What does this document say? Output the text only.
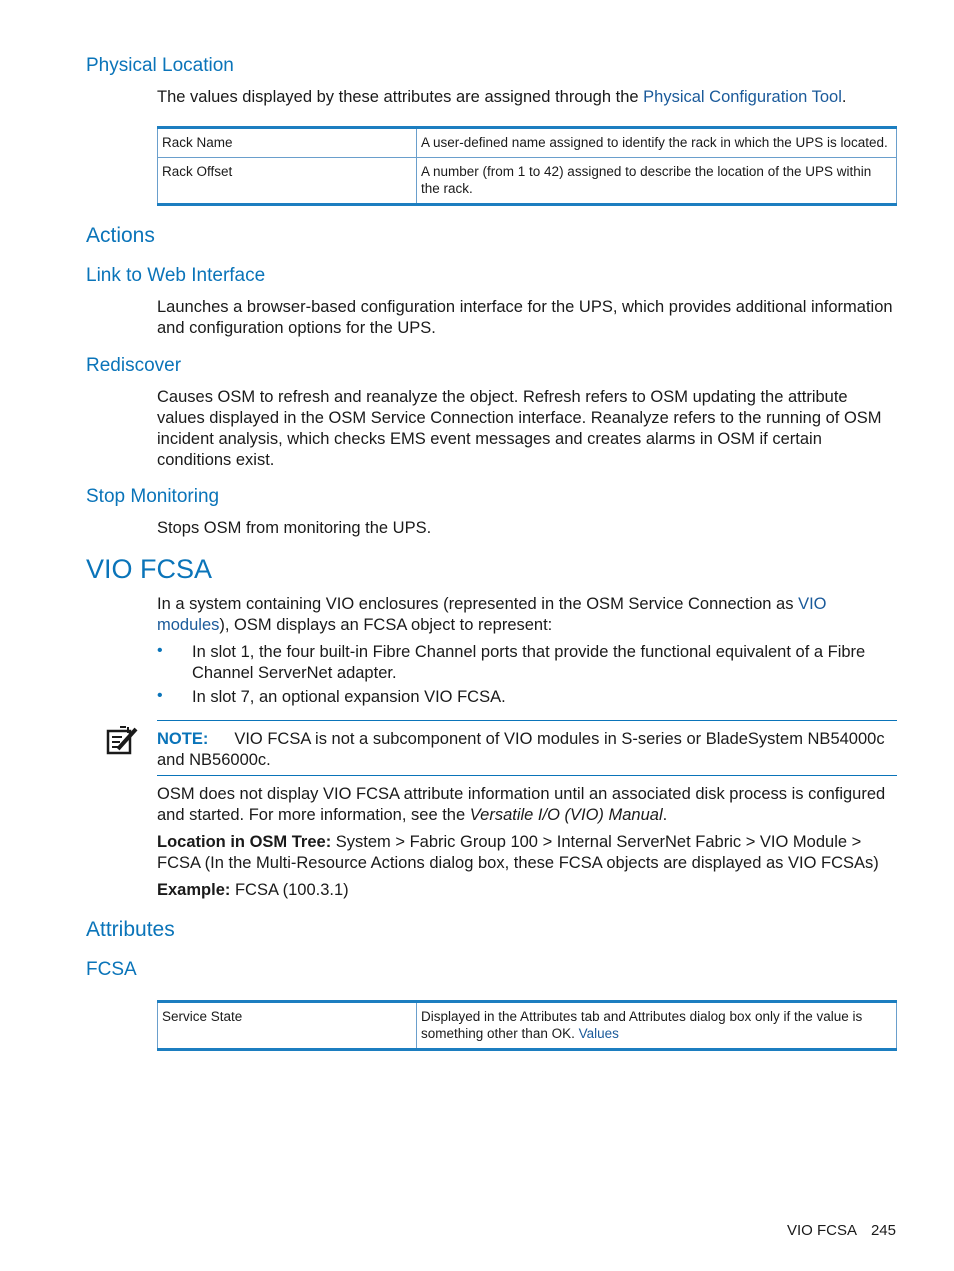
Physical Location
The values displayed by these attributes are assigned through the Physical Configuration Tool.
Rack Name	A user-defined name assigned to identify the rack in which the UPS is located.
Rack Offset	A number (from 1 to 42) assigned to describe the location of the UPS within the rack.
Actions
Link to Web Interface
Launches a browser-based configuration interface for the UPS, which provides additional information and configuration options for the UPS.
Rediscover
Causes OSM to refresh and reanalyze the object. Refresh refers to OSM updating the attribute values displayed in the OSM Service Connection interface. Reanalyze refers to the running of OSM incident analysis, which checks EMS event messages and creates alarms in OSM if certain conditions exist.
Stop Monitoring
Stops OSM from monitoring the UPS.
VIO FCSA
In a system containing VIO enclosures (represented in the OSM Service Connection as VIO modules), OSM displays an FCSA object to represent:
• In slot 1, the four built-in Fibre Channel ports that provide the functional equivalent of a Fibre Channel ServerNet adapter.
• In slot 7, an optional expansion VIO FCSA.
NOTE: VIO FCSA is not a subcomponent of VIO modules in S-series or BladeSystem NB54000c and NB56000c.
OSM does not display VIO FCSA attribute information until an associated disk process is configured and started. For more information, see the Versatile I/O (VIO) Manual.
Location in OSM Tree: System > Fabric Group 100 > Internal ServerNet Fabric > VIO Module > FCSA (In the Multi-Resource Actions dialog box, these FCSA objects are displayed as VIO FCSAs)
Example: FCSA (100.3.1)
Attributes
FCSA
Service State	Displayed in the Attributes tab and Attributes dialog box only if the value is something other than OK. Values
VIO FCSA 245
